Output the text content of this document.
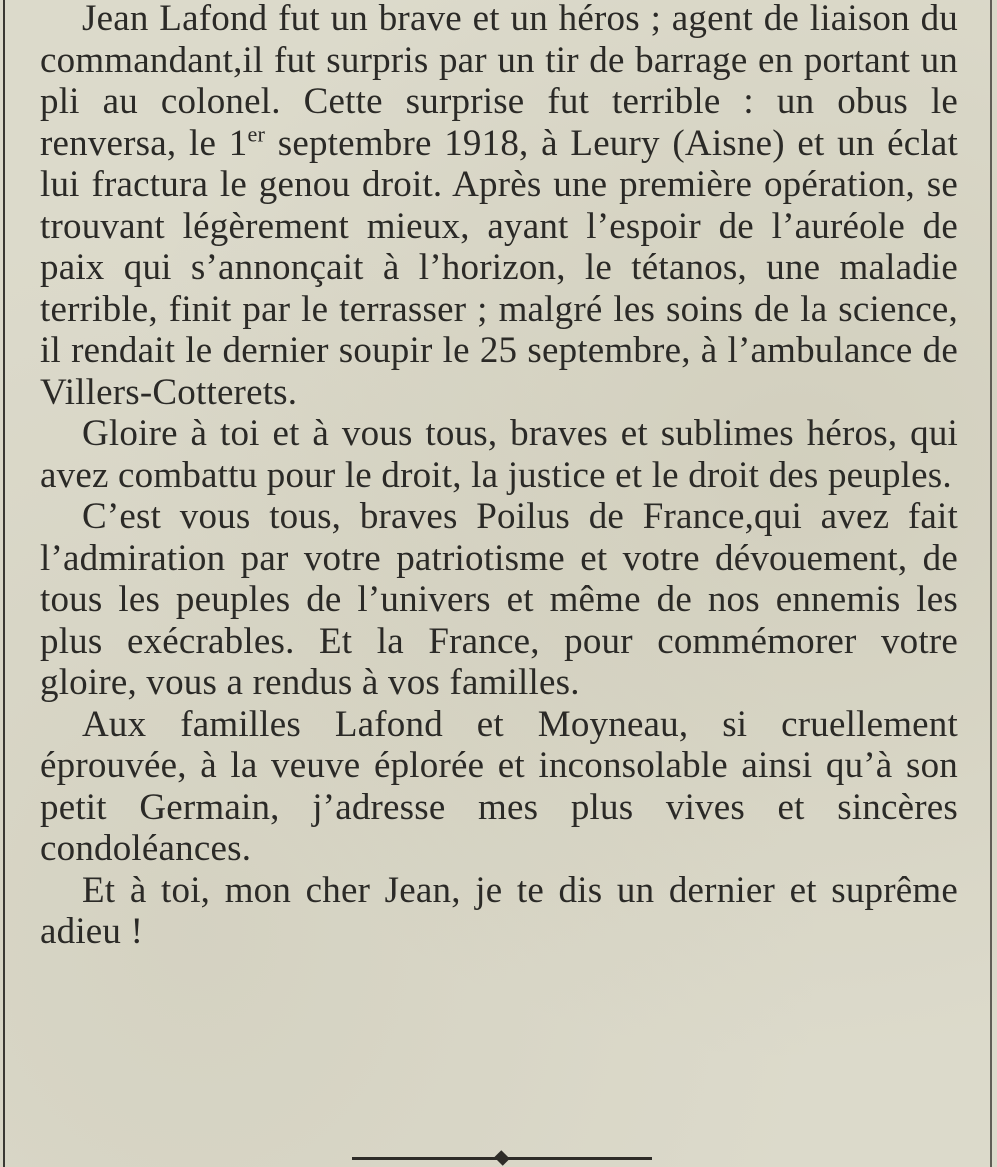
Jean Lafond fut un brave et un héros ; agent de liaison du commandant,il fut surpris par un tir de barrage en portant un pli au colonel. Cette surprise fut terrible : un obus le renversa, le 1er septembre 1918, à Leury (Aisne) et un éclat lui fractura le genou droit. Après une première opération, se trouvant légèrement mieux, ayant l’espoir de l’auréole de paix qui s’annonçait à l’horizon, le tétanos, une maladie terrible, finit par le terrasser ; malgré les soins de la science, il rendait le dernier soupir le 25 septembre, à l’ambulance de Villers-Cotterets.

Gloire à toi et à vous tous, braves et sublimes héros, qui avez combattu pour le droit, la justice et le droit des peuples.

C’est vous tous, braves Poilus de France,qui avez fait l’admiration par votre patriotisme et votre dévouement, de tous les peuples de l’univers et même de nos ennemis les plus exécrables. Et la France, pour commémorer votre gloire, vous a rendus à vos familles.

Aux familles Lafond et Moyneau, si cruellement éprouvée, à la veuve éplorée et inconsolable ainsi qu’à son petit Germain, j’adresse mes plus vives et sincères condoléances.

Et à toi, mon cher Jean, je te dis un dernier et suprême adieu !
